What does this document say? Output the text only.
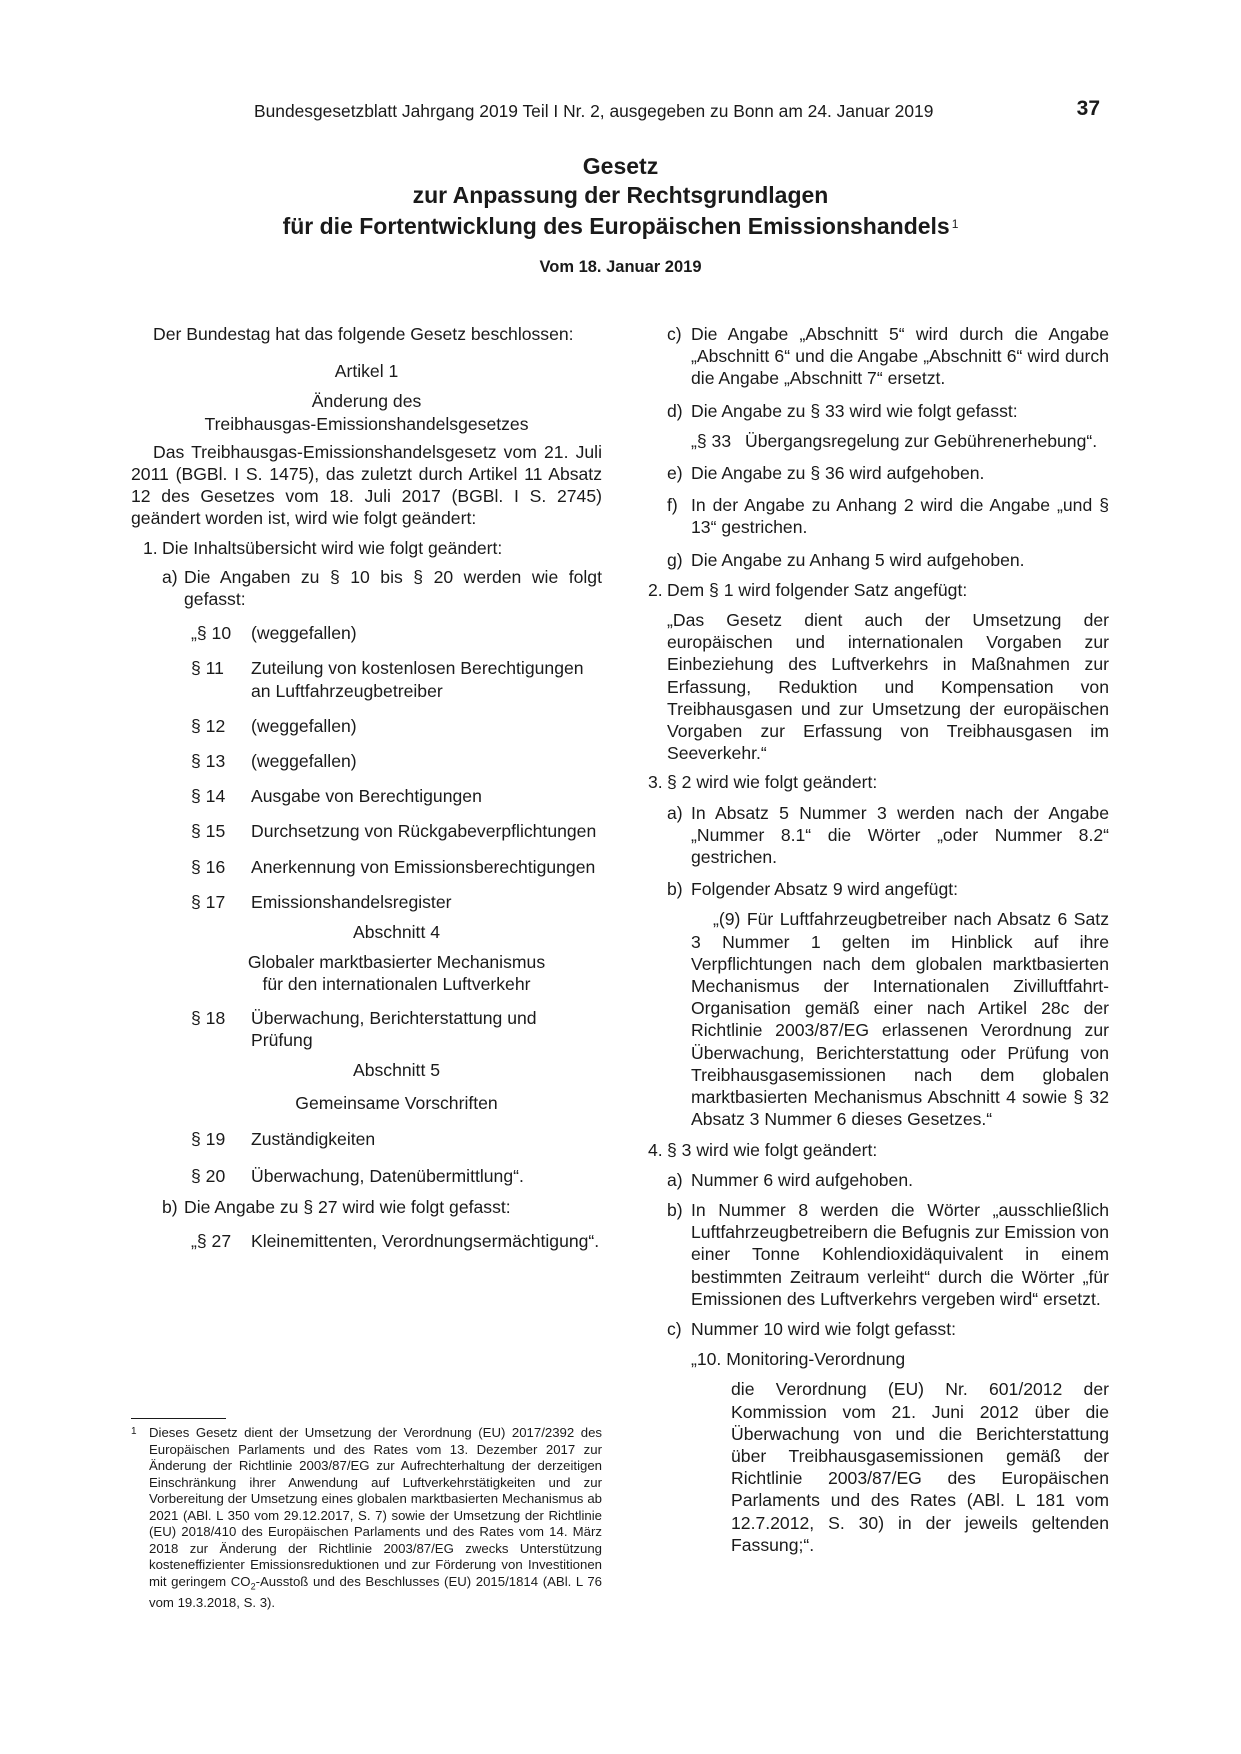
Bundesgesetzblatt Jahrgang 2019 Teil I Nr. 2, ausgegeben zu Bonn am 24. Januar 2019	37
Gesetz
zur Anpassung der Rechtsgrundlagen
für die Fortentwicklung des Europäischen Emissionshandels $^1$
Vom 18. Januar 2019

Der Bundestag hat das folgende Gesetz beschlossen:

Artikel 1

Änderung des

Treibhausgas-Emissionshandelsgesetzes

Das Treibhausgas-Emissionshandelsgesetz vom 21. Juli 2011 (BGBl. I S. 1475), das zuletzt durch Artikel 11 Absatz 12 des Gesetzes vom 18. Juli 2017 (BGBl. I S. 2745) geändert worden ist, wird wie folgt geändert:

1. Die Inhaltsübersicht wird wie folgt geändert:
a) Die Angaben zu § 10 bis § 20 werden wie folgt gefasst:
„§ 10	(weggefallen)
§ 11	Zuteilung von kostenlosen Berechtigungen an Luftfahrzeugbetreiber
§ 12	(weggefallen)
§ 13	(weggefallen)
§ 14	Ausgabe von Berechtigungen
§ 15	Durchsetzung von Rückgabeverpflichtungen
§ 16	Anerkennung von Emissionsberechtigungen
§ 17	Emissionshandelsregister

Abschnitt 4

Globaler marktbasierter Mechanismus

für den internationalen Luftverkehr

§ 18	Überwachung, Berichterstattung und Prüfung

Abschnitt 5

Gemeinsame Vorschriften

§ 19	Zuständigkeiten
§ 20	Überwachung, Datenübermittlung“.
b) Die Angabe zu § 27 wird wie folgt gefasst:
„§ 27	Kleinemittenten, Verordnungsermächtigung“.
c) Die Angabe „Abschnitt 5“ wird durch die Angabe „Abschnitt 6“ und die Angabe „Abschnitt 6“ wird durch die Angabe „Abschnitt 7“ ersetzt.
d) Die Angabe zu § 33 wird wie folgt gefasst:
„§ 33 Übergangsregelung zur Gebührenerhebung“.
e) Die Angabe zu § 36 wird aufgehoben.
f) In der Angabe zu Anhang 2 wird die Angabe „und § 13“ gestrichen.
g) Die Angabe zu Anhang 5 wird aufgehoben.
2. Dem § 1 wird folgender Satz angefügt:

„Das Gesetz dient auch der Umsetzung der europäischen und internationalen Vorgaben zur Einbeziehung des Luftverkehrs in Maßnahmen zur Erfassung, Reduktion und Kompensation von Treibhausgasen und zur Umsetzung der europäischen Vorgaben zur Erfassung von Treibhausgasen im Seeverkehr.“

3. § 2 wird wie folgt geändert:
a) In Absatz 5 Nummer 3 werden nach der Angabe „Nummer 8.1“ die Wörter „oder Nummer 8.2“ gestrichen.
b) Folgender Absatz 9 wird angefügt:

„(9) Für Luftfahrzeugbetreiber nach Absatz 6 Satz 3 Nummer 1 gelten im Hinblick auf ihre Verpflichtungen nach dem globalen marktbasierten Mechanismus der Internationalen Zivilluftfahrt-Organisation gemäß einer nach Artikel 28c der Richtlinie 2003/87/EG erlassenen Verordnung zur Überwachung, Berichterstattung oder Prüfung von Treibhausgasemissionen nach dem globalen marktbasierten Mechanismus Abschnitt 4 sowie § 32 Absatz 3 Nummer 6 dieses Gesetzes.“

4. § 3 wird wie folgt geändert:
a) Nummer 6 wird aufgehoben.
b) In Nummer 8 werden die Wörter „ausschließlich Luftfahrzeugbetreibern die Befugnis zur Emission von einer Tonne Kohlendioxidäquivalent in einem bestimmten Zeitraum verleiht“ durch die Wörter „für Emissionen des Luftverkehrs vergeben wird“ ersetzt.
c) Nummer 10 wird wie folgt gefasst:

„10. Monitoring-Verordnung

die Verordnung (EU) Nr. 601/2012 der Kommission vom 21. Juni 2012 über die Überwachung von und die Berichterstattung über Treibhausgasemissionen gemäß der Richtlinie 2003/87/EG des Europäischen Parlaments und des Rates (ABl. L 181 vom 12.7.2012, S. 30) in der jeweils geltenden Fassung;“.

1 Dieses Gesetz dient der Umsetzung der Verordnung (EU) 2017/2392 des Europäischen Parlaments und des Rates vom 13. Dezember 2017 zur Änderung der Richtlinie 2003/87/EG zur Aufrechterhaltung der derzeitigen Einschränkung ihrer Anwendung auf Luftverkehrstätigkeiten und zur Vorbereitung der Umsetzung eines globalen marktbasierten Mechanismus ab 2021 (ABl. L 350 vom 29.12.2017, S. 7) sowie der Umsetzung der Richtlinie (EU) 2018/410 des Europäischen Parlaments und des Rates vom 14. März 2018 zur Änderung der Richtlinie 2003/87/EG zwecks Unterstützung kosteneffizienter Emissionsreduktionen und zur Förderung von Investitionen mit geringem $CO_2$-Ausstoß und des Beschlusses (EU) 2015/1814 (ABl. L 76 vom 19.3.2018, S. 3).
